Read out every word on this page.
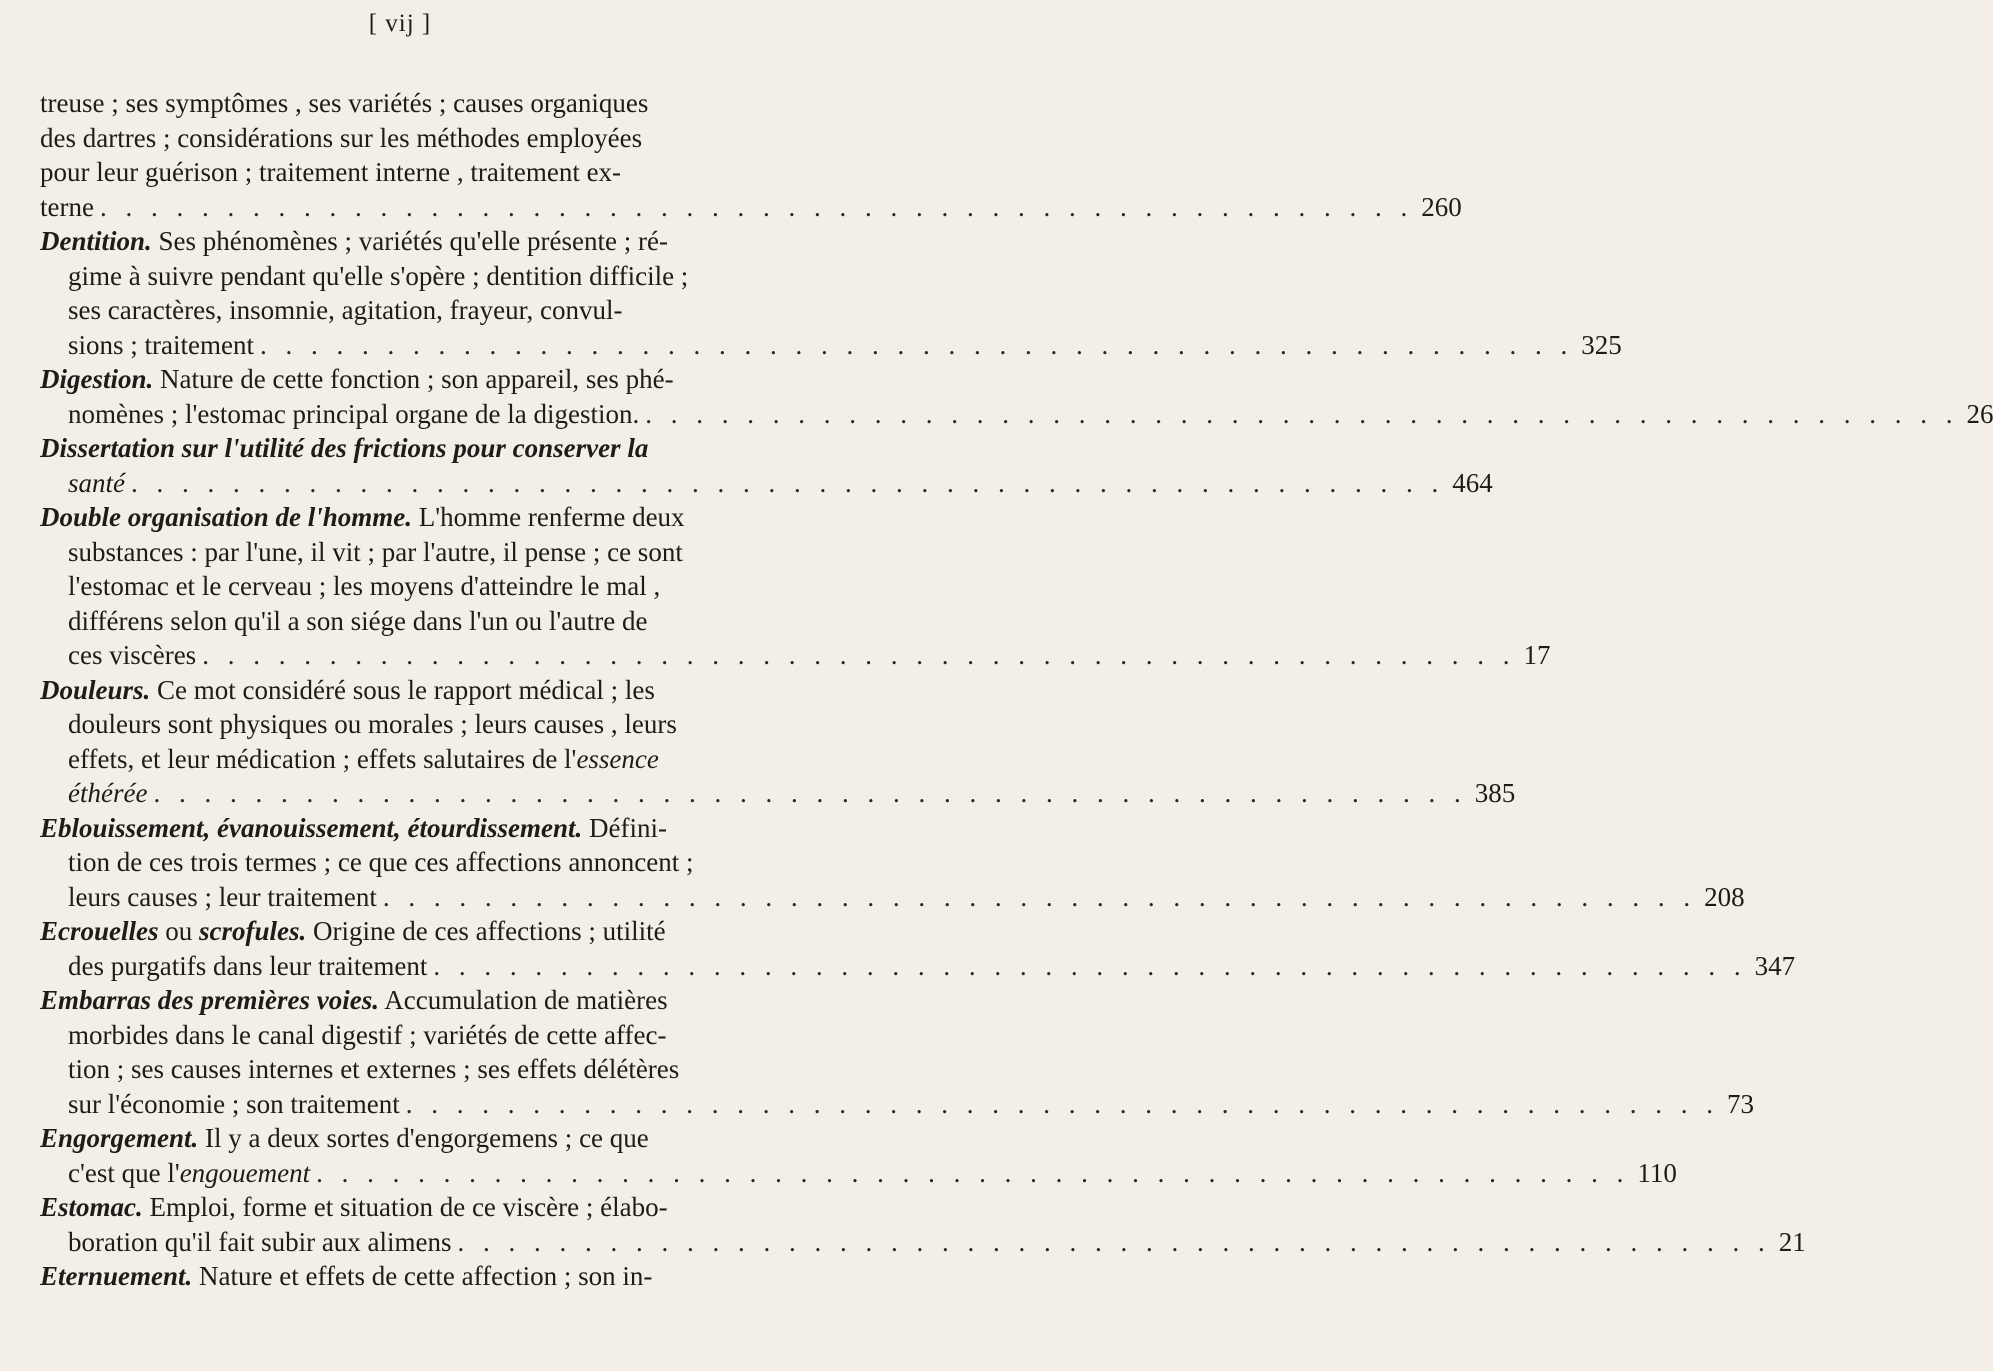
[ vij ]
treuse ; ses symptômes , ses variétés ; causes organiques
des dartres ; considérations sur les méthodes employées
pour leur guérison ; traitement interne , traitement ex-
terne . . .	260
Dentition. Ses phénomènes ; variétés qu'elle présente ; ré-
gime à suivre pendant qu'elle s'opère ; dentition difficile ;
ses caractères, insomnie, agitation, frayeur, convul-
sions ; traitement . . .	325
Digestion. Nature de cette fonction ; son appareil, ses phé-
nomènes ; l'estomac principal organe de la digestion. . . .	26
Dissertation sur l'utilité des frictions pour conserver la
santé . . .	464
Double organisation de l'homme. L'homme renferme deux
substances : par l'une, il vit ; par l'autre, il pense ; ce sont
l'estomac et le cerveau ; les moyens d'atteindre le mal ,
différens selon qu'il a son siége dans l'un ou l'autre de
ces viscères . . .	17
Douleurs. Ce mot considéré sous le rapport médical ; les
douleurs sont physiques ou morales ; leurs causes , leurs
effets, et leur médication ; effets salutaires de l'essence
éthérée . . .	385
Eblouissement, évanouissement, étourdissement. Défini-
tion de ces trois termes ; ce que ces affections annoncent ;
leurs causes ; leur traitement . . .	208
Ecrouelles ou scrofules. Origine de ces affections ; utilité
des purgatifs dans leur traitement . . .	347
Embarras des premières voies. Accumulation de matières
morbides dans le canal digestif ; variétés de cette affec-
tion ; ses causes internes et externes ; ses effets délétères
sur l'économie ; son traitement . . .	73
Engorgement. Il y a deux sortes d'engorgemens ; ce que
c'est que l'engouement . . .	110
Estomac. Emploi, forme et situation de ce viscère ; élabo-
boration qu'il fait subir aux alimens . . .	21
Eternuement. Nature et effets de cette affection ; son in-
